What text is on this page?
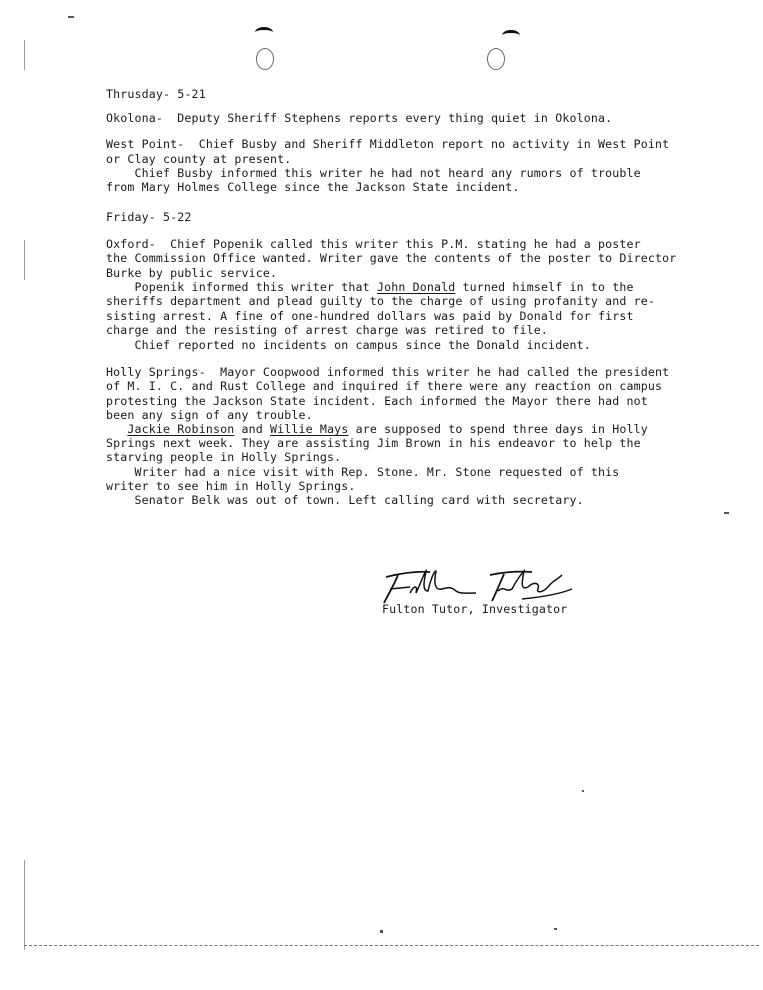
Thrusday- 5-21
Okolona-  Deputy Sheriff Stephens reports every thing quiet in Okolona.
West Point-  Chief Busby and Sheriff Middleton report no activity in West Point
or Clay county at present.
Chief Busby informed this writer he had not heard any rumors of trouble
from Mary Holmes College since the Jackson State incident.
Friday- 5-22
Oxford-  Chief Popenik called this writer this P.M. stating he had a poster
the Commission Office wanted. Writer gave the contents of the poster to Director
Burke by public service.
Popenik informed this writer that John Donald turned himself in to the
sheriffs department and plead guilty to the charge of using profanity and re-
sisting arrest. A fine of one-hundred dollars was paid by Donald for first
charge and the resisting of arrest charge was retired to file.
Chief reported no incidents on campus since the Donald incident.
Holly Springs-  Mayor Coopwood informed this writer he had called the president
of M. I. C. and Rust College and inquired if there were any reaction on campus
protesting the Jackson State incident. Each informed the Mayor there had not
been any sign of any trouble.
Jackie Robinson and Willie Mays are supposed to spend three days in Holly
Springs next week. They are assisting Jim Brown in his endeavor to help the
starving people in Holly Springs.
Writer had a nice visit with Rep. Stone. Mr. Stone requested of this
writer to see him in Holly Springs.
Senator Belk was out of town. Left calling card with secretary.
Fulton Tutor, Investigator
